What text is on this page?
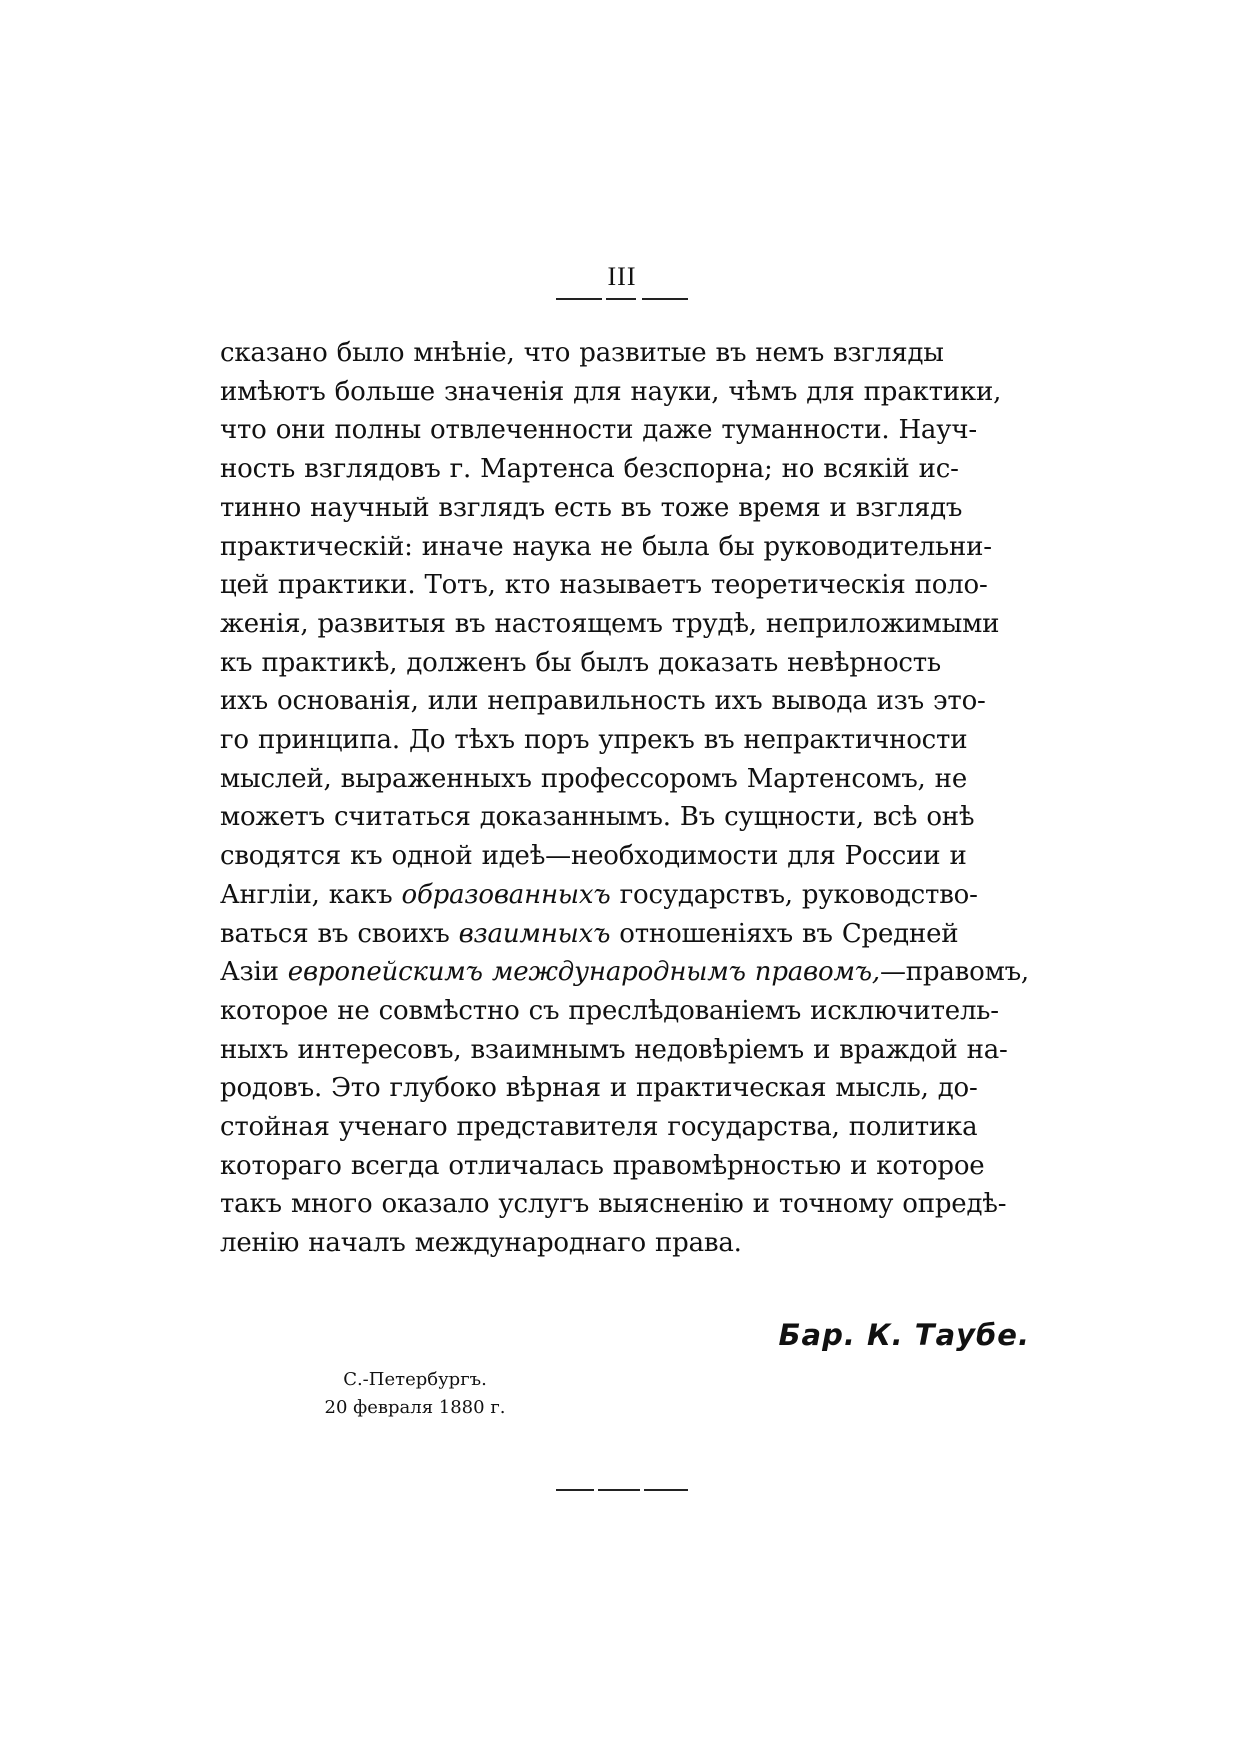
III

сказано было мнѣніе, что развитые въ немъ взгляды
имѣютъ больше значенія для науки, чѣмъ для практики,
что они полны отвлеченности даже туманности. Науч-
ность взглядовъ г. Мартенса безспорна; но всякій ис-
тинно научный взглядъ есть въ тоже время и взглядъ
практическій: иначе наука не была бы руководительни-
цей практики. Тотъ, кто называетъ теоретическія поло-
женія, развитыя въ настоящемъ трудѣ, неприложимыми
къ практикѣ, долженъ бы былъ доказать невѣрность
ихъ основанія, или неправильность ихъ вывода изъ это-
го принципа. До тѣхъ поръ упрекъ въ непрактичности
мыслей, выраженныхъ профессоромъ Мартенсомъ, не
можетъ считаться доказаннымъ. Въ сущности, всѣ онѣ
сводятся къ одной идеѣ—необходимости для России и
Англіи, какъ образованныхъ государствъ, руководство-
ваться въ своихъ взаимныхъ отношеніяхъ въ Средней
Азіи европейскимъ международнымъ правомъ,—правомъ,
которое не совмѣстно съ преслѣдованіемъ исключитель-
ныхъ интересовъ, взаимнымъ недовѣріемъ и враждой на-
родовъ. Это глубоко вѣрная и практическая мысль, до-
стойная ученаго представителя государства, политика
котораго всегда отличалась правомѣрностью и которое
такъ много оказало услугъ выясненію и точному опредѣ-
ленію началъ международнаго права.

Бар. К. Таубе.
С.-Петербургъ.
20 февраля 1880 г.
